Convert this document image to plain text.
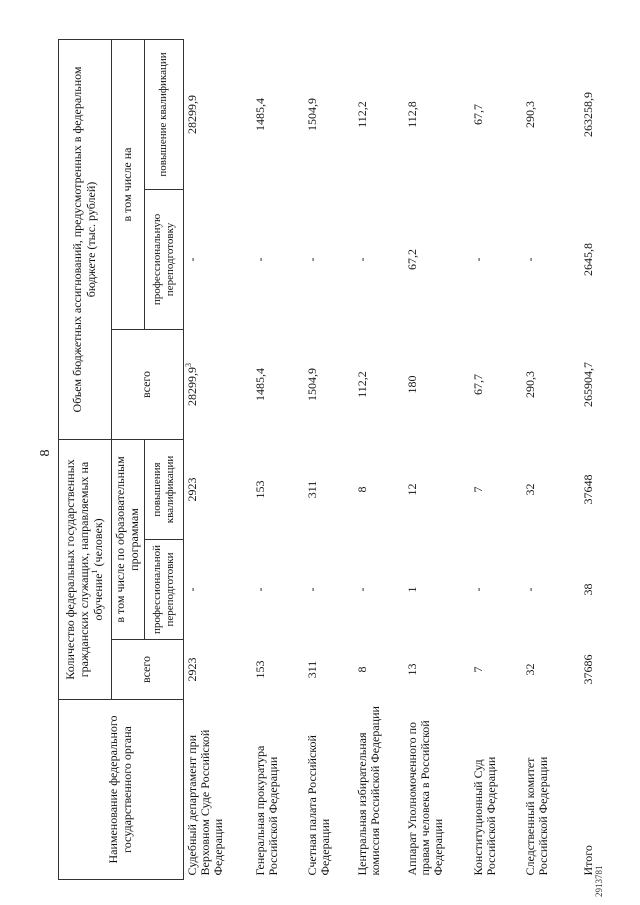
8
2913781
Наименование федерального государственного органа	Количество федеральных государственных гражданских служащих, направляемых на обучение$^1$ (человек)			Объем бюджетных ассигнований, предусмотренных в федеральном бюджете (тыс. рублей)		
	всего	в том числе по образовательным программам		всего	в том числе на	
		профессиональной переподготовки	повышения квалификации		профессиональную переподготовку	повышение квалификации
Судебный департамент при Верховном Суде Российской Федерации	2923	-	2923	28299,9$^3$	-	28299,9
Генеральная прокуратура Российской Федерации	153	-	153	1485,4	-	1485,4
Счетная палата Российской Федерации	311	-	311	1504,9	-	1504,9
Центральная избирательная комиссия Российской Федерации	8	-	8	112,2	-	112,2
Аппарат Уполномоченного по правам человека в Российской Федерации	13	1	12	180	67,2	112,8
Конституционный Суд Российской Федерации	7	-	7	67,7	-	67,7
Следственный комитет Российской Федерации	32	-	32	290,3	-	290,3
Итого	37686	38	37648	265904,7	2645,8	263258,9
